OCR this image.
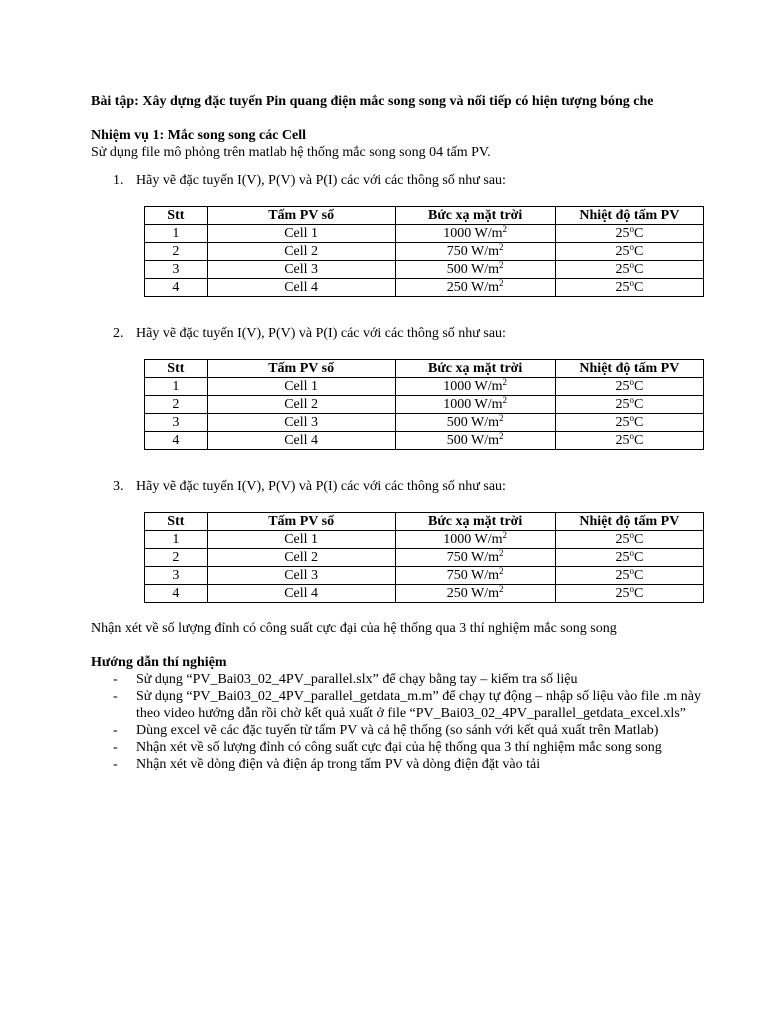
Bài tập: Xây dựng đặc tuyến Pin quang điện mắc song song và nối tiếp có hiện tượng bóng che

Nhiệm vụ 1: Mắc song song các Cell

Sử dụng file mô phỏng trên matlab hệ thống mắc song song 04 tấm PV.

1. Hãy vẽ đặc tuyến I(V), P(V) và P(I) các với các thông số như sau:

Stt	Tấm PV số	Bức xạ mặt trời	Nhiệt độ tấm PV
1	Cell 1	1000 $W/m^2$	25$^o$C
2	Cell 2	750 $W/m^2$	25$^o$C
3	Cell 3	500 $W/m^2$	25$^o$C
4	Cell 4	250 $W/m^2$	25$^o$C

2. Hãy vẽ đặc tuyến I(V), P(V) và P(I) các với các thông số như sau:

Stt	Tấm PV số	Bức xạ mặt trời	Nhiệt độ tấm PV
1	Cell 1	1000 $W/m^2$	25$^o$C
2	Cell 2	1000 $W/m^2$	25$^o$C
3	Cell 3	500 $W/m^2$	25$^o$C
4	Cell 4	500 $W/m^2$	25$^o$C

3. Hãy vẽ đặc tuyến I(V), P(V) và P(I) các với các thông số như sau:

Stt	Tấm PV số	Bức xạ mặt trời	Nhiệt độ tấm PV
1	Cell 1	1000 $W/m^2$	25$^o$C
2	Cell 2	750 $W/m^2$	25$^o$C
3	Cell 3	750 $W/m^2$	25$^o$C
4	Cell 4	250 $W/m^2$	25$^o$C

Nhận xét về số lượng đỉnh có công suất cực đại của hệ thống qua 3 thí nghiệm mắc song song

Hướng dẫn thí nghiệm

- Sử dụng “PV_Bai03_02_4PV_parallel.slx” để chạy bằng tay – kiểm tra số liệu
- Sử dụng “PV_Bai03_02_4PV_parallel_getdata_m.m” để chạy tự động – nhập số liệu vào file .m này theo video hướng dẫn rồi chờ kết quả xuất ở file “PV_Bai03_02_4PV_parallel_getdata_excel.xls”
- Dùng excel vẽ các đặc tuyến từ tấm PV và cả hệ thống (so sánh với kết quả xuất trên Matlab)
- Nhận xét về số lượng đỉnh có công suất cực đại của hệ thống qua 3 thí nghiệm mắc song song
- Nhận xét về dòng điện và điện áp trong tấm PV và dòng điện đặt vào tải
